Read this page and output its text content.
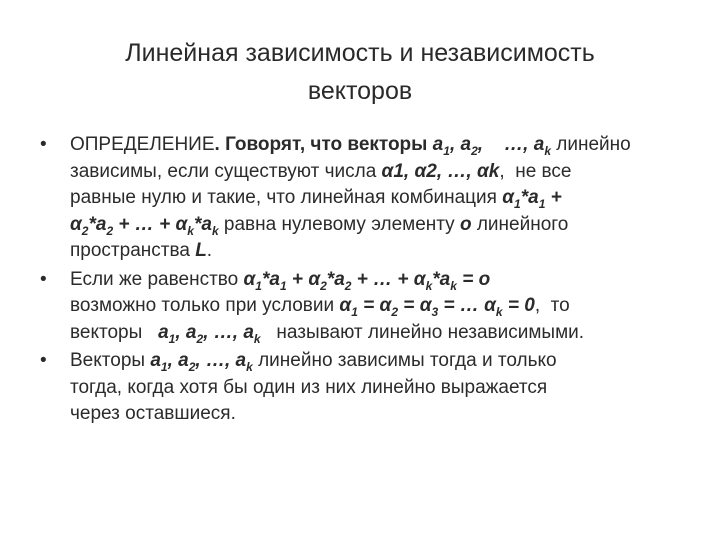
Линейная зависимость и независимость
векторов
•	ОПРЕДЕЛЕНИЕ. Говорят, что векторы $a_1$, $a_2$, …, $a_k$ линейно
зависимы, если существуют числа α1, α2, …, αk,  не все
равные нулю и такие, что линейная комбинация $\alpha_1*a_1$ +
$\alpha_2*a_2$ + … + $\alpha_k*a_k$ равна нулевому элементу o линейного
пространства L.
•	Если же равенство $\alpha_1*a_1 + \alpha_2*a_2$ + … + $\alpha_k*a_k = o$
возможно только при условии $\alpha_1 = \alpha_2 = \alpha_3$ = … $\alpha_k = 0$,  то
векторы   $a_1$, $a_2$, …, $a_k$   называют линейно независимыми.
•	Векторы $a_1$, $a_2$, …, $a_k$ линейно зависимы тогда и только
тогда, когда хотя бы один из них линейно выражается
через оставшиеся.
